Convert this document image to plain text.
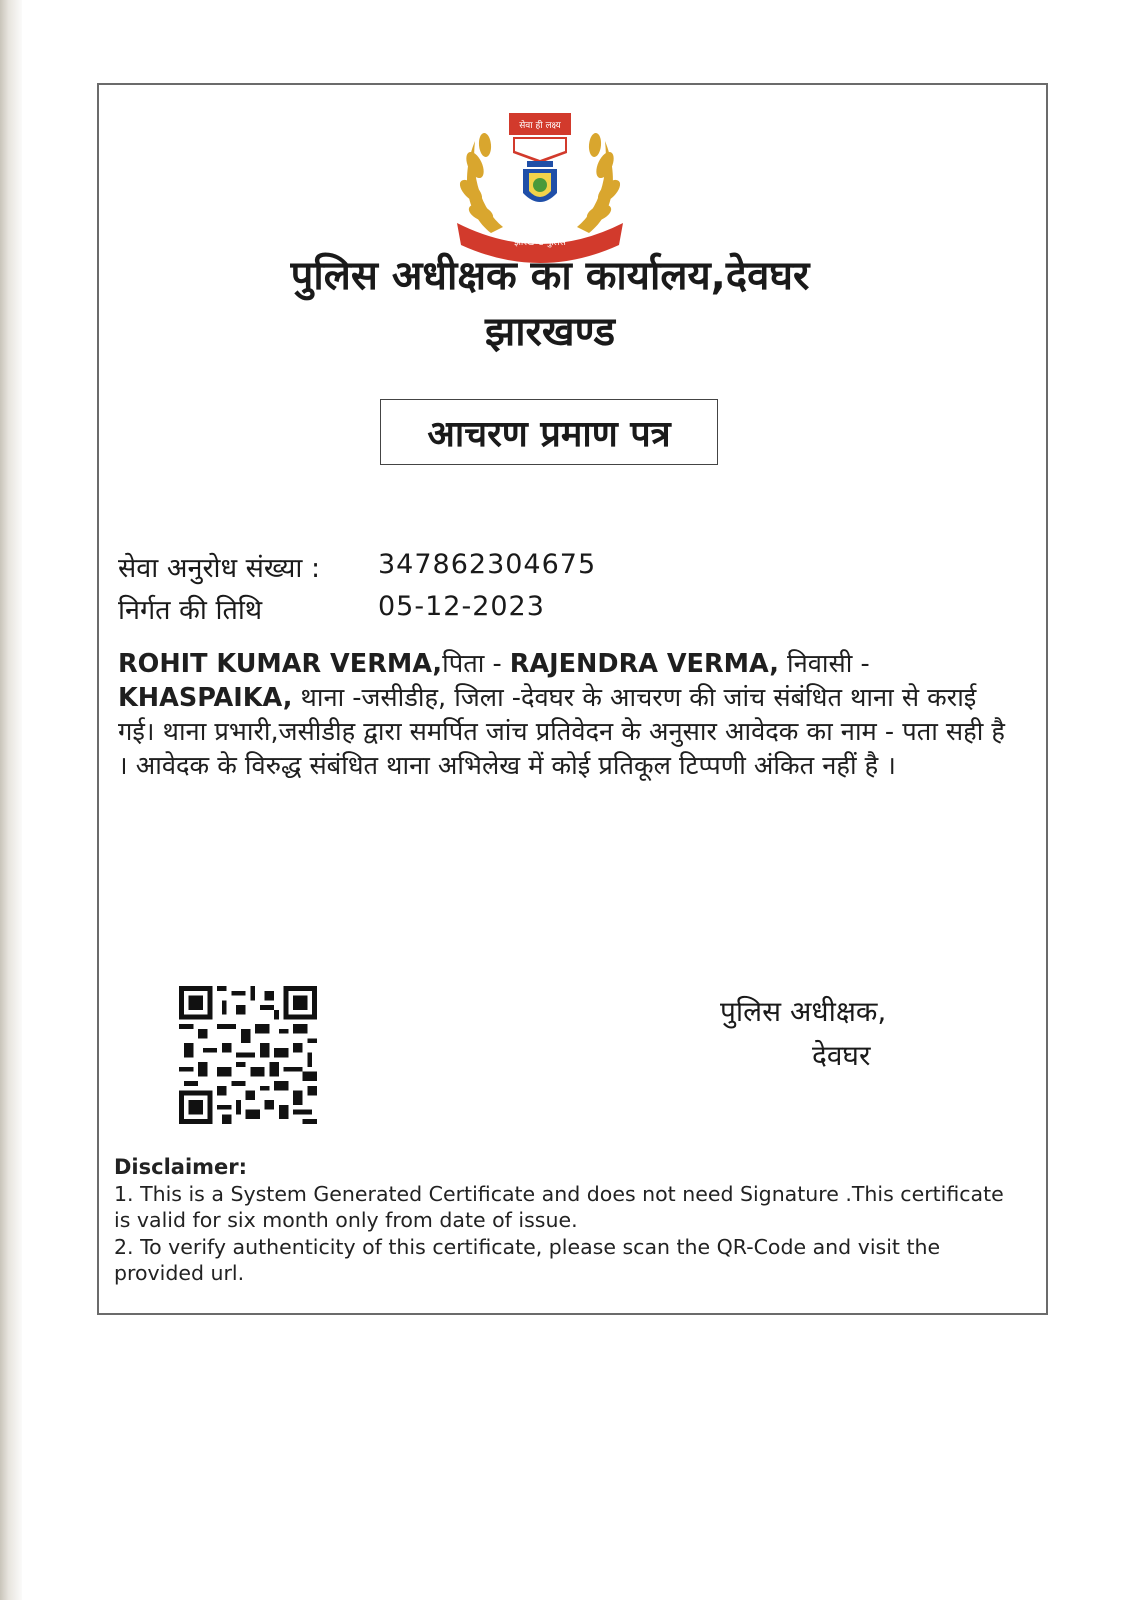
सेवा ही लक्ष्य
झारखण्ड पुलिस
पुलिस अधीक्षक का कार्यालय,देवघर
झारखण्ड
आचरण प्रमाण पत्र
सेवा अनुरोध संख्या : 347862304675
निर्गत की तिथि	05-12-2023

ROHIT KUMAR VERMA,पिता - RAJENDRA VERMA, निवासी - KHASPAIKA, थाना -जसीडीह, जिला -देवघर के आचरण की जांच संबंधित थाना से कराई गई। थाना प्रभारी,जसीडीह द्वारा समर्पित जांच प्रतिवेदन के अनुसार आवेदक का नाम - पता सही है । आवेदक के विरुद्ध संबंधित थाना अभिलेख में कोई प्रतिकूल टिप्पणी अंकित नहीं है ।

पुलिस अधीक्षक,
देवघर
Disclaimer:

1. This is a System Generated Certificate and does not need Signature .This certificate is valid for six month only from date of issue.

2. To verify authenticity of this certificate, please scan the QR-Code and visit the provided url.
